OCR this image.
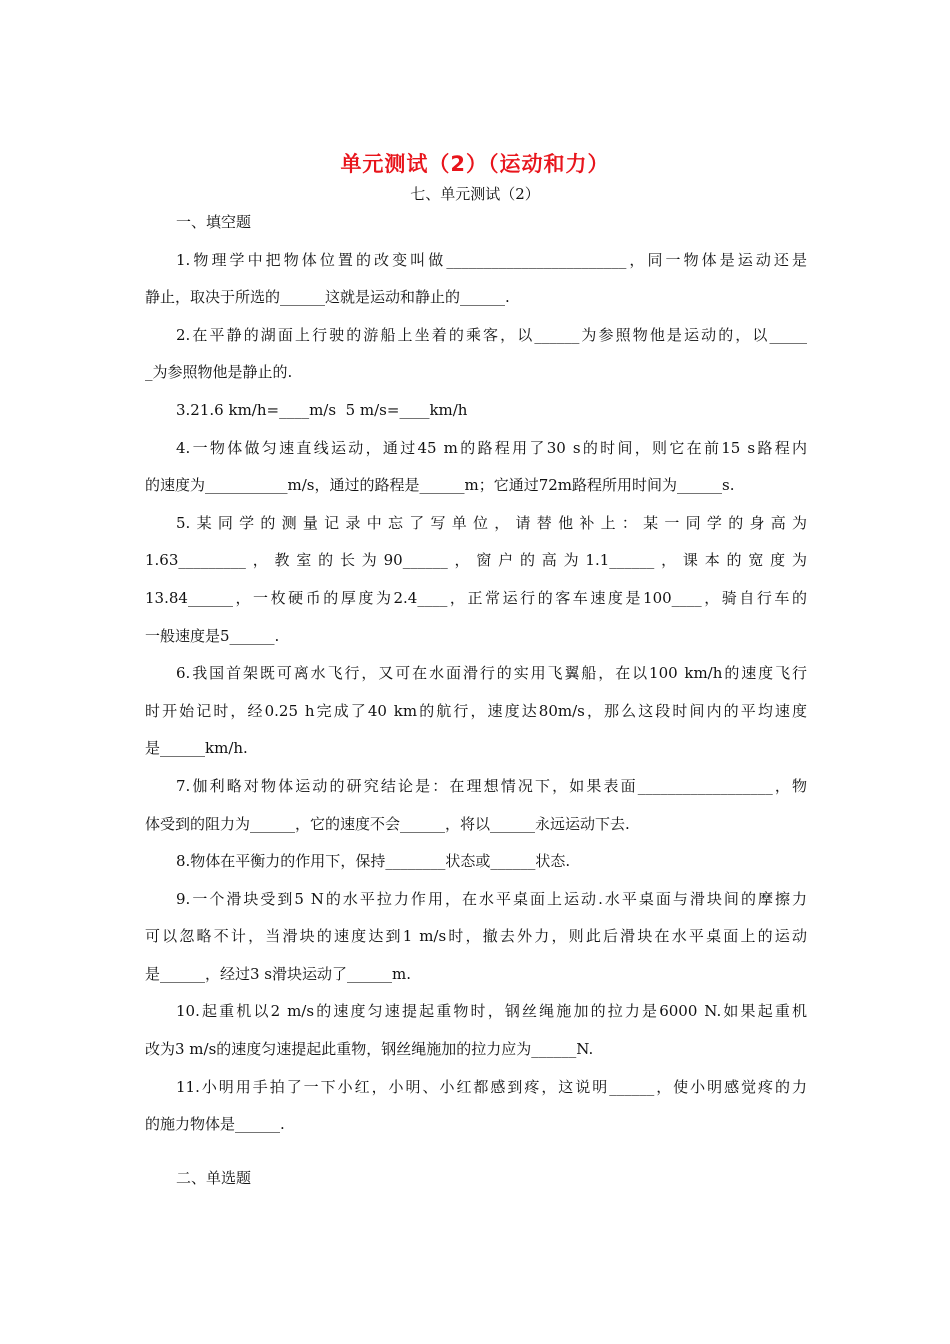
单元测试（2）（运动和力）
七、单元测试（2）
一、填空题
1.物理学中把物体位置的改变叫做________________________，同一物体是运动还是
静止，取决于所选的______这就是运动和静止的______.
2.在平静的湖面上行驶的游船上坐着的乘客，以______为参照物他是运动的，以_____
_为参照物他是静止的.
3.21.6 km/h=____m/s  5 m/s=____km/h
4.一物体做匀速直线运动，通过45 m的路程用了30 s的时间，则它在前15 s路程内
的速度为___________m/s，通过的路程是______m；它通过72m路程所用时间为______s.
5.某同学的测量记录中忘了写单位，请替他补上：某一同学的身高为
1.63_________，教室的长为90______，窗户的高为1.1______，课本的宽度为
13.84______，一枚硬币的厚度为2.4____，正常运行的客车速度是100____，骑自行车的
一般速度是5______.
6.我国首架既可离水飞行，又可在水面滑行的实用飞翼船，在以100 km/h的速度飞行
时开始记时，经0.25 h完成了40 km的航行，速度达80m/s，那么这段时间内的平均速度
是______km/h.
7.伽利略对物体运动的研究结论是：在理想情况下，如果表面__________________，物
体受到的阻力为______，它的速度不会______，将以______永远运动下去.
8.物体在平衡力的作用下，保持________状态或______状态.
9.一个滑块受到5 N的水平拉力作用，在水平桌面上运动.水平桌面与滑块间的摩擦力
可以忽略不计，当滑块的速度达到1 m/s时，撤去外力，则此后滑块在水平桌面上的运动
是______，经过3 s滑块运动了______m.
10.起重机以2 m/s的速度匀速提起重物时，钢丝绳施加的拉力是6000 N.如果起重机
改为3 m/s的速度匀速提起此重物，钢丝绳施加的拉力应为______N.
11.小明用手拍了一下小红，小明、小红都感到疼，这说明______，使小明感觉疼的力
的施力物体是______.
二、单选题
